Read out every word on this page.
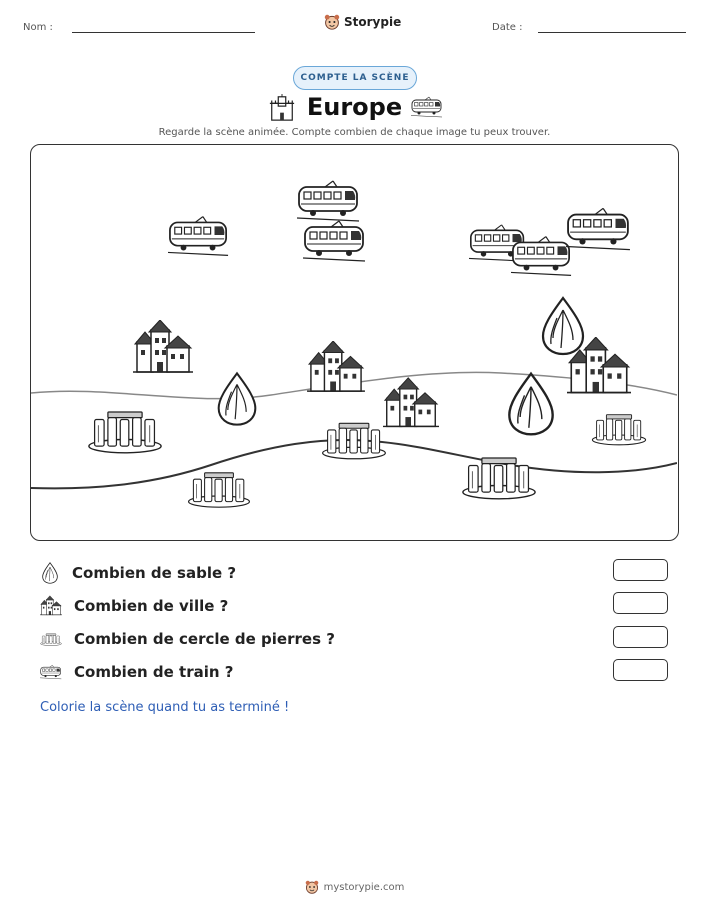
Nom :	Storypie	Date :
COMPTE LA SCÈNE
Europe
Regarde la scène animée. Compte combien de chaque image tu peux trouver.
Combien de sable ?
Combien de ville ?
Combien de cercle de pierres ?
Combien de train ?
Colorie la scène quand tu as terminé !
mystorypie.com
